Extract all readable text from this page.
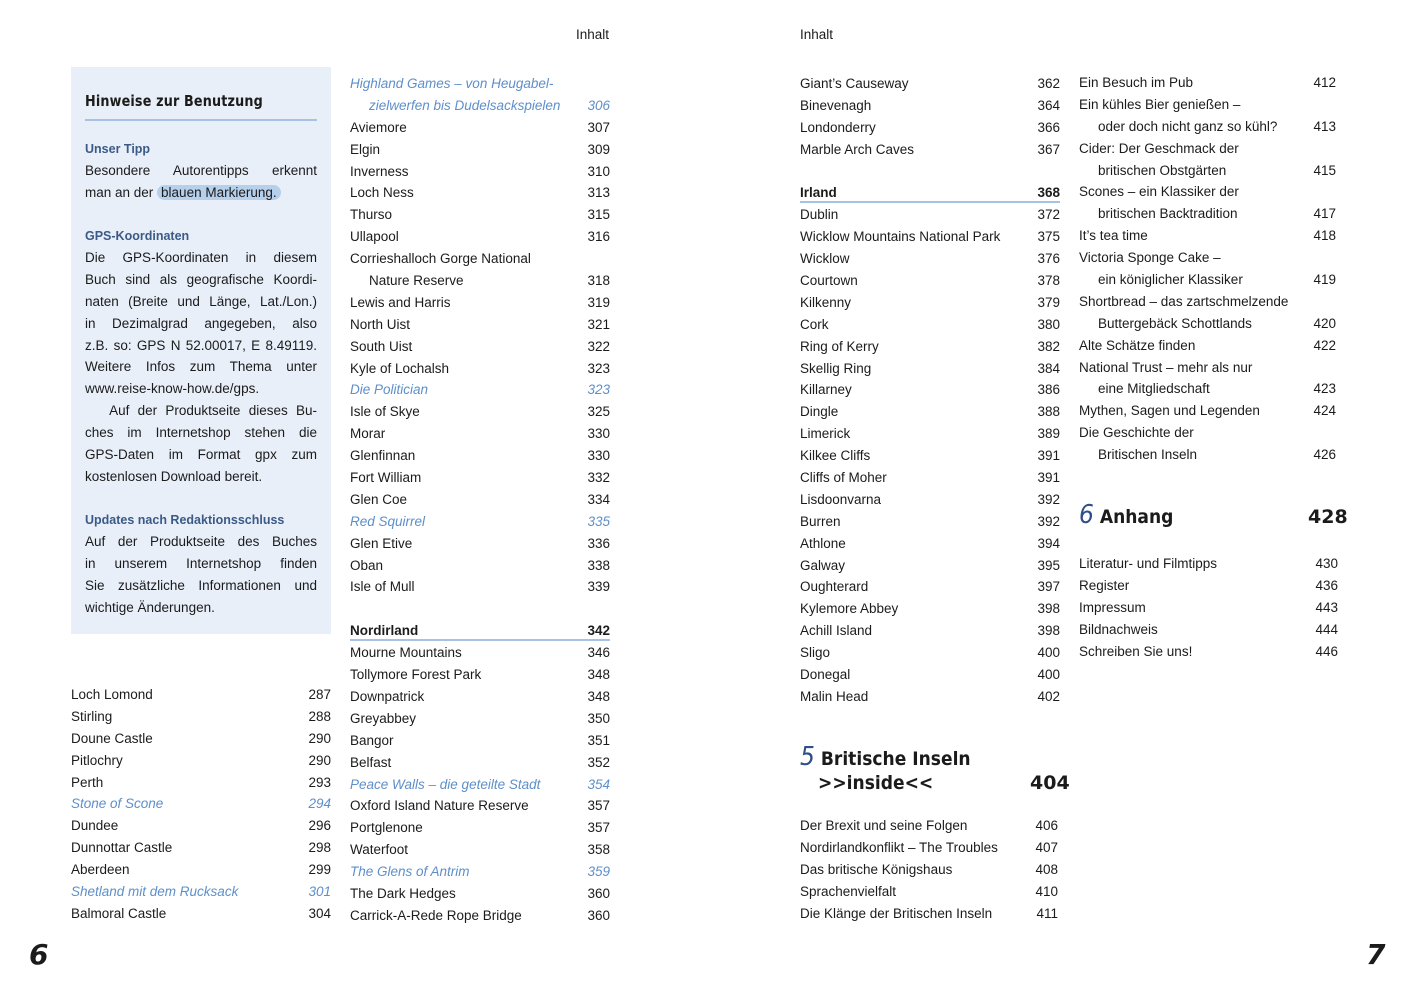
Inhalt	Inhalt
Hinweise zur Benutzung
Unser Tipp
Besondere Autorentipps erkennt
man an der blauen Markierung.
GPS-Koordinaten
Die GPS-Koordinaten in diesem
Buch sind als geografische Koordi-
naten (Breite und Länge, Lat./Lon.)
in Dezimalgrad angegeben, also
z.B. so: GPS N 52.00017, E 8.49119.
Weitere Infos zum Thema unter
www.reise-know-how.de/gps.
Auf der Produktseite dieses Bu-
ches im Internetshop stehen die
GPS-Daten im Format gpx zum
kostenlosen Download bereit.
Updates nach Redaktionsschluss
Auf der Produktseite des Buches
in unserem Internetshop finden
Sie zusätzliche Informationen und
wichtige Änderungen.
Loch Lomond	287
Stirling	288
Doune Castle	290
Pitlochry	290
Perth	293
Stone of Scone	294
Dundee	296
Dunnottar Castle	298
Aberdeen	299
Shetland mit dem Rucksack	301
Balmoral Castle	304
Highland Games – von Heugabel-
zielwerfen bis Dudelsackspielen 306
Aviemore	307
Elgin	309
Inverness	310
Loch Ness	313
Thurso	315
Ullapool	316
Corrieshalloch Gorge National
Nature Reserve	318
Lewis and Harris	319
North Uist	321
South Uist	322
Kyle of Lochalsh	323
Die Politician	323
Isle of Skye	325
Morar	330
Glenfinnan	330
Fort William	332
Glen Coe	334
Red Squirrel	335
Glen Etive	336
Oban	338
Isle of Mull	339
Nordirland	342
Mourne Mountains	346
Tollymore Forest Park	348
Downpatrick	348
Greyabbey	350
Bangor	351
Belfast	352
Peace Walls – die geteilte Stadt	354
Oxford Island Nature Reserve	357
Portglenone	357
Waterfoot	358
The Glens of Antrim	359
The Dark Hedges	360
Carrick-A-Rede Rope Bridge	360
Giant’s Causeway	362
Binevenagh	364
Londonderry	366
Marble Arch Caves	367
Irland	368
Dublin	372
Wicklow Mountains National Park	375
Wicklow	376
Courtown	378
Kilkenny	379
Cork	380
Ring of Kerry	382
Skellig Ring	384
Killarney	386
Dingle	388
Limerick	389
Kilkee Cliffs	391
Cliffs of Moher	391
Lisdoonvarna	392
Burren	392
Athlone	394
Galway	395
Oughterard	397
Kylemore Abbey	398
Achill Island	398
Sligo	400
Donegal	400
Malin Head	402
5 Britische Inseln
>>inside<<	404
Der Brexit und seine Folgen	406
Nordirlandkonflikt – The Troubles	407
Das britische Königshaus	408
Sprachenvielfalt	410
Die Klänge der Britischen Inseln	411
Ein Besuch im Pub	412
Ein kühles Bier genießen –
oder doch nicht ganz so kühl?	413
Cider: Der Geschmack der
britischen Obstgärten	415
Scones – ein Klassiker der
britischen Backtradition	417
It’s tea time	418
Victoria Sponge Cake –
ein königlicher Klassiker	419
Shortbread – das zartschmelzende
Buttergebäck Schottlands	420
Alte Schätze finden	422
National Trust – mehr als nur
eine Mitgliedschaft	423
Mythen, Sagen und Legenden	424
Die Geschichte der
Britischen Inseln	426
6 Anhang	428
Literatur- und Filmtipps	430
Register	436
Impressum	443
Bildnachweis	444
Schreiben Sie uns!	446
6	7
